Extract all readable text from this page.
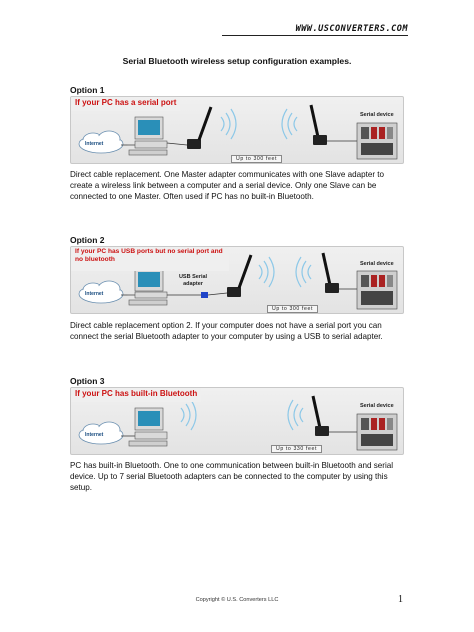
WWW.USCONVERTERS.COM
Serial Bluetooth wireless setup configuration examples.
Option 1
If your PC has a serial port
Internet
Serial device
Up to 300 feet
Direct cable replacement. One Master adapter communicates with one Slave adapter to create a wireless link between a computer and a serial device. Only one Slave can be connected to one Master. Often used if PC has no built-in Bluetooth.
Option 2
If your PC has USB ports but no serial port and no bluetooth
Internet
USB Serial adapter
Serial device
Up to 300 feet
Direct cable replacement option 2. If your computer does not have a serial port you can connect the serial Bluetooth adapter to your computer by using a USB to serial adapter.
Option 3
If your PC has built-in Bluetooth
Internet
Serial device
Up to 330 feet
PC has built-in Bluetooth. One to one communication between built-in Bluetooth and serial device. Up to 7 serial Bluetooth adapters can be connected to the computer by using this setup.
Copyright © U.S. Converters LLC	1
